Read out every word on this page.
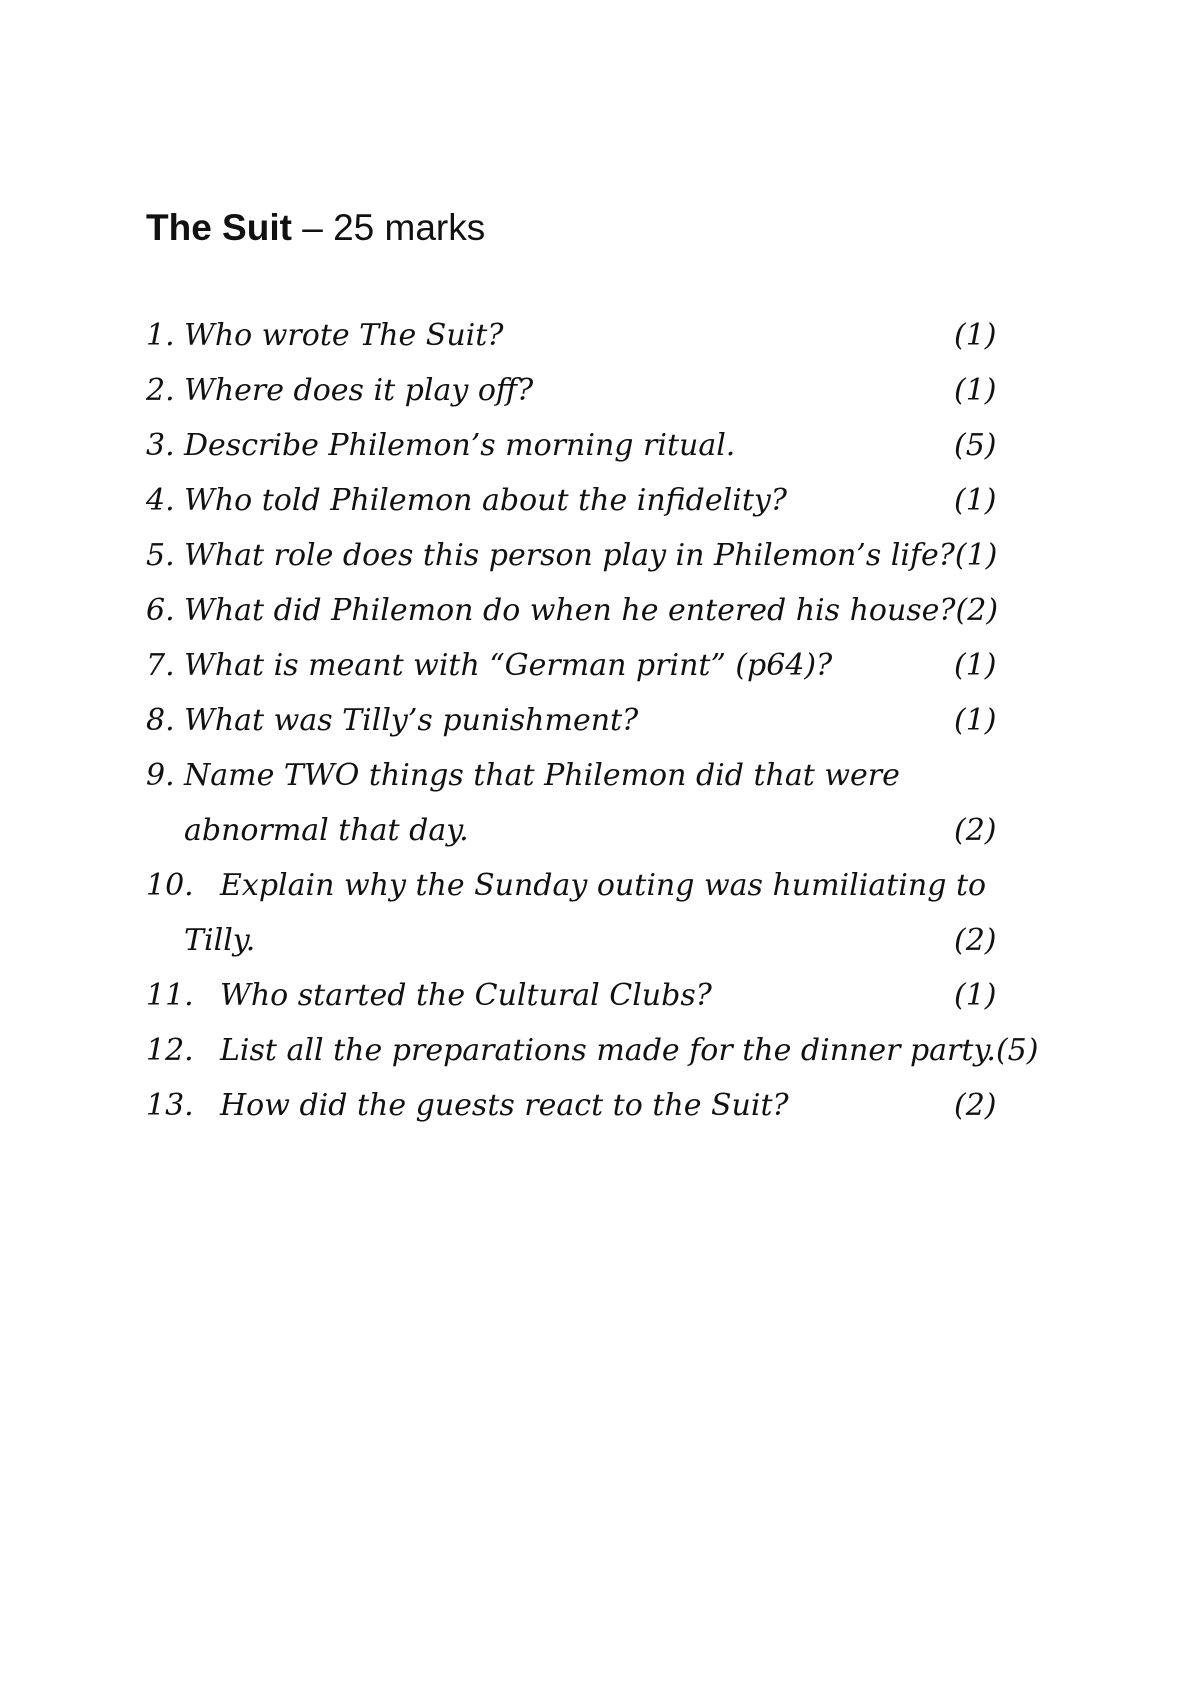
The Suit – 25 marks
1. Who wrote The Suit?	(1)
2. Where does it play off?	(1)
3. Describe Philemon’s morning ritual.	(5)
4. Who told Philemon about the infidelity?	(1)
5. What role does this person play in Philemon’s life?(1)
6. What did Philemon do when he entered his house?(2)
7. What is meant with “German print” (p64)?	(1)
8. What was Tilly’s punishment?	(1)
9. Name TWO things that Philemon did that were
abnormal that day.	(2)
10. Explain why the Sunday outing was humiliating to
Tilly.	(2)
11. Who started the Cultural Clubs?	(1)
12. List all the preparations made for the dinner party.(5)
13. How did the guests react to the Suit?	(2)
